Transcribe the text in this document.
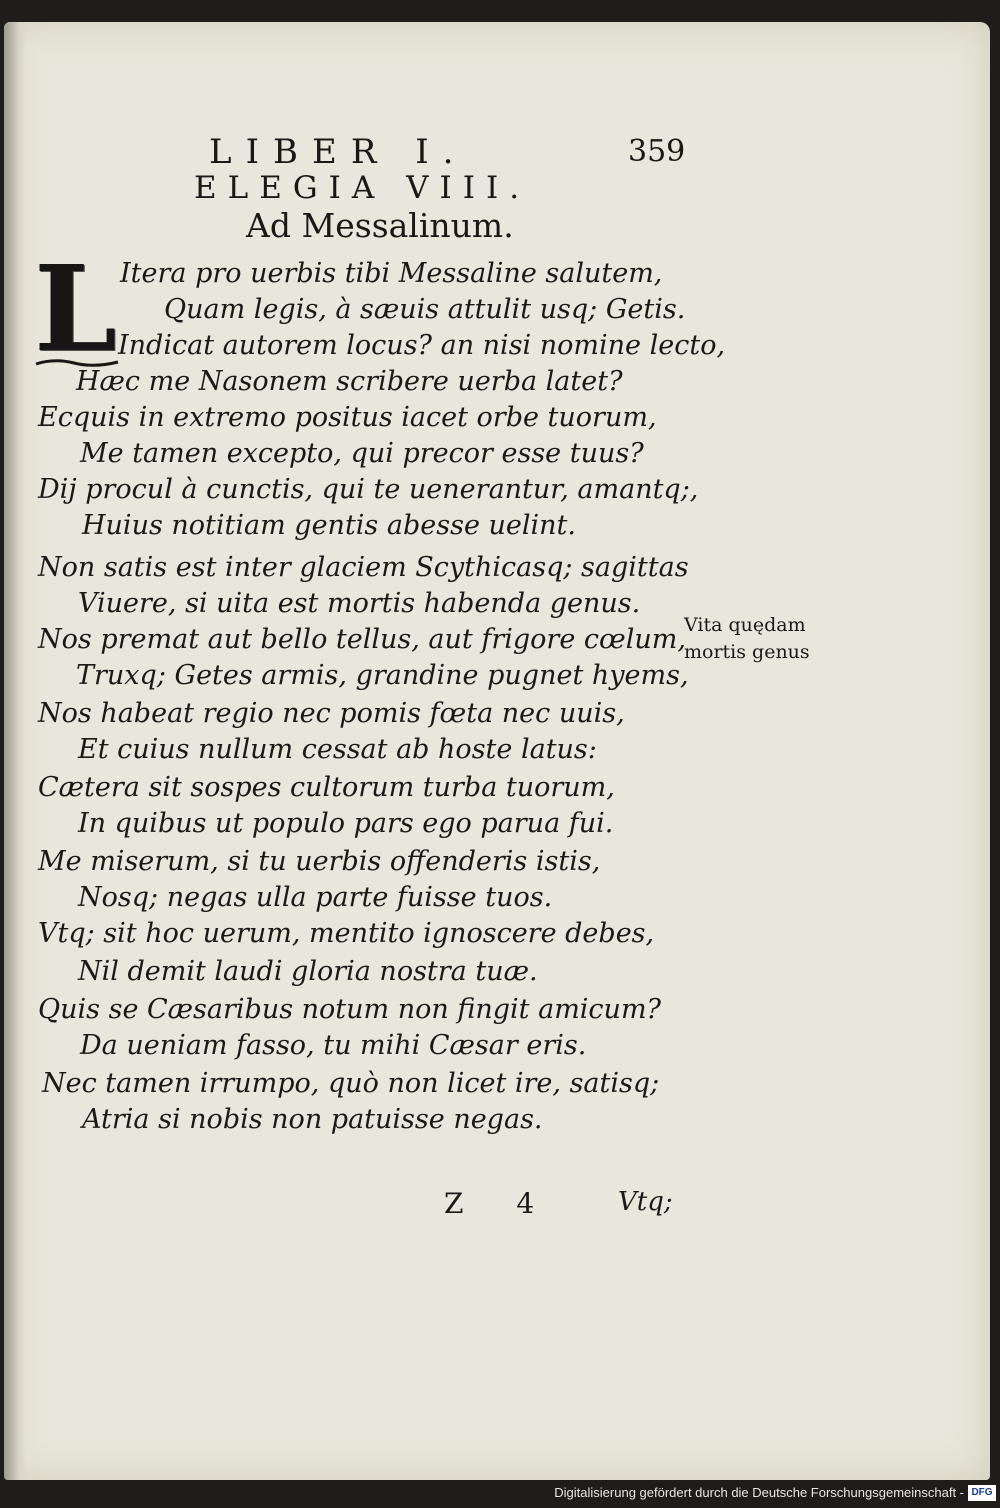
LIBER I.	359
ELEGIA VIII.
Ad Messalinum.
L Itera pro uerbis tibi Messaline salutem,
Quam legis, à sæuis attulit usq; Getis.
Indicat autorem locus? an nisi nomine lecto,
Hæc me Nasonem scribere uerba latet?
Ecquis in extremo positus iacet orbe tuorum,
Me tamen excepto, qui precor esse tuus?
Dij procul à cunctis, qui te uenerantur, amantq;,
Huius notitiam gentis abesse uelint.
Non satis est inter glaciem Scythicasq; sagittas
Viuere, si uita est mortis habenda genus.
Nos premat aut bello tellus, aut frigore cœlum,
Truxq; Getes armis, grandine pugnet hyems,
Nos habeat regio nec pomis fœta nec uuis,
Et cuius nullum cessat ab hoste latus:
Cætera sit sospes cultorum turba tuorum,
In quibus ut populo pars ego parua fui.
Me miserum, si tu uerbis offenderis istis,
Nosq; negas ulla parte fuisse tuos.
Vtq; sit hoc uerum, mentito ignoscere debes,
Nil demit laudi gloria nostra tuæ.
Quis se Cæsaribus notum non fingit amicum?
Da ueniam fasso, tu mihi Cæsar eris.
Nec tamen irrumpo, quò non licet ire, satisq;
Atria si nobis non patuisse negas.
Vita quędam
mortis genus
Z 4 Vtq;
Digitalisierung gefördert durch die Deutsche Forschungsgemeinschaft - DFG
